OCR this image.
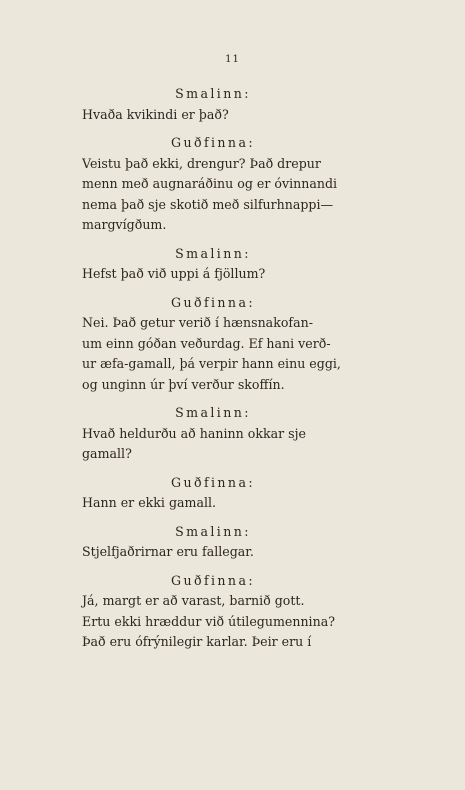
11
Smalinn:
Hvaða kvikindi er það?
Guðfinna:
Veistu það ekki, drengur? Það drepur
menn með augnaráðinu og er óvinnandi
nema það sje skotið með silfurhnappi—
margvígðum.
Smalinn:
Hefst það við uppi á fjöllum?
Guðfinna:
Nei. Það getur verið í hænsnakofan-
um einn góðan veðurdag. Ef hani verð-
ur æfa-gamall, þá verpir hann einu eggi,
og unginn úr því verður skoffín.
Smalinn:
Hvað heldurðu að haninn okkar sje
gamall?
Guðfinna:
Hann er ekki gamall.
Smalinn:
Stjelfjaðrirnar eru fallegar.
Guðfinna:
Já, margt er að varast, barnið gott.
Ertu ekki hræddur við útilegumennina?
Það eru ófrýnilegir karlar. Þeir eru í
